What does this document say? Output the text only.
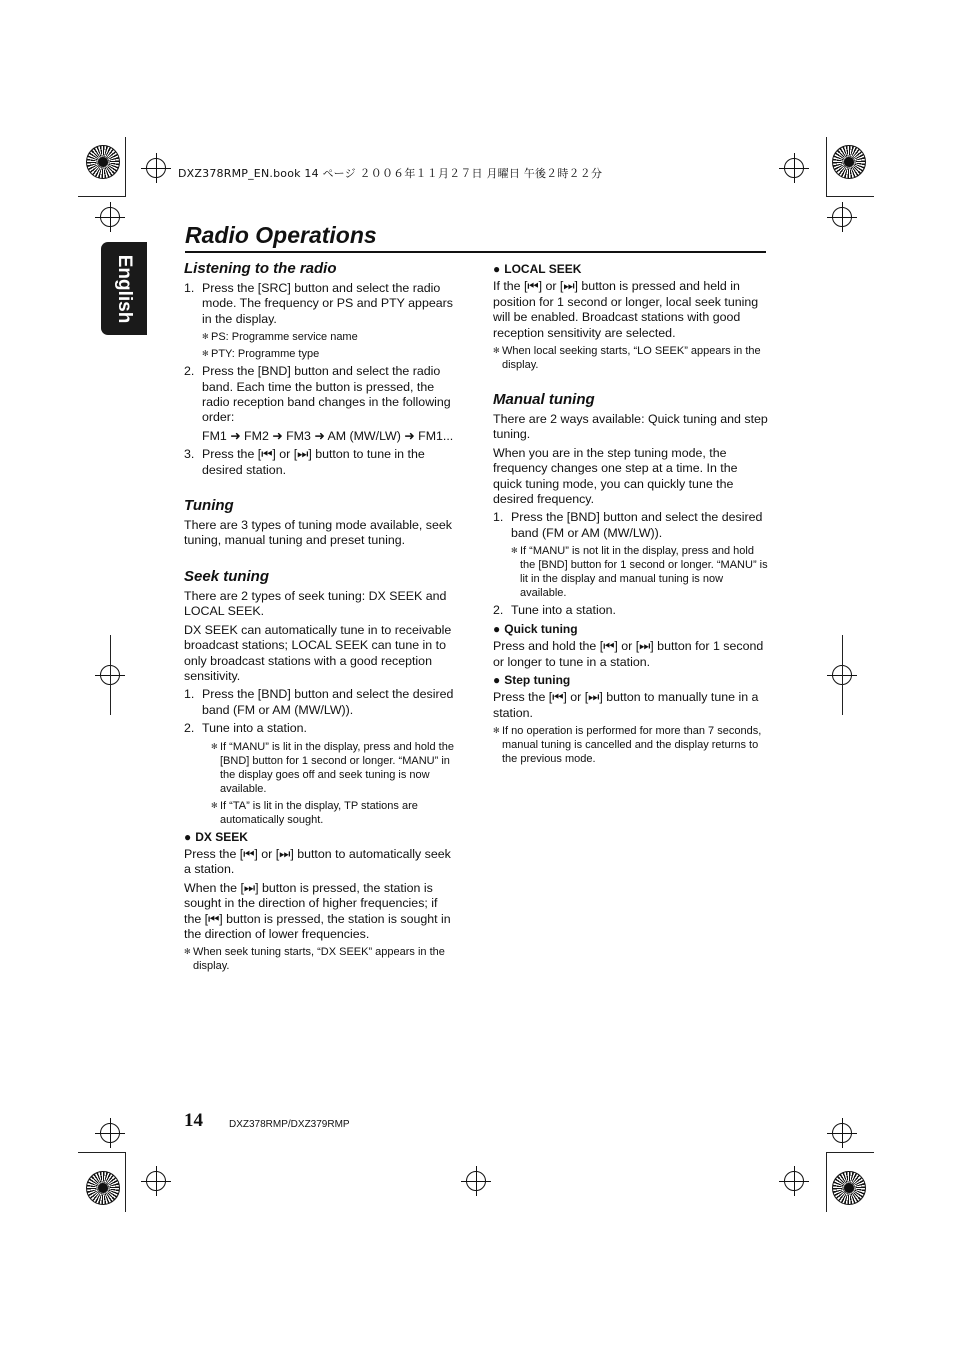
DXZ378RMP_EN.book 14 ページ ２００６年１１月２７日 月曜日 午後２時２２分
English
Radio Operations
Listening to the radio
1. Press the [SRC] button and select the radio mode. The frequency or PS and PTY appears in the display.
✻ PS: Programme service name
✻ PTY: Programme type
2. Press the [BND] button and select the radio band. Each time the button is pressed, the radio reception band changes in the following order:

FM1 ➜ FM2 ➜ FM3 ➜ AM (MW/LW) ➜ FM1...

3. Press the [⏮] or [⏭] button to tune in the desired station.
Tuning

There are 3 types of tuning mode available, seek tuning, manual tuning and preset tuning.

Seek tuning

There are 2 types of seek tuning: DX SEEK and LOCAL SEEK.

DX SEEK can automatically tune in to receivable broadcast stations; LOCAL SEEK can tune in to only broadcast stations with a good reception sensitivity.

1. Press the [BND] button and select the desired band (FM or AM (MW/LW)).
2. Tune into a station.
✻ If “MANU” is lit in the display, press and hold the [BND] button for 1 second or longer. “MANU” in the display goes off and seek tuning is now available.
✻ If “TA” is lit in the display, TP stations are automatically sought.
● DX SEEK

Press the [⏮] or [⏭] button to automatically seek a station.

When the [⏭] button is pressed, the station is sought in the direction of higher frequencies; if the [⏮] button is pressed, the station is sought in the direction of lower frequencies.

✻ When seek tuning starts, “DX SEEK” appears in the display.
● LOCAL SEEK

If the [⏮] or [⏭] button is pressed and held in position for 1 second or longer, local seek tuning will be enabled. Broadcast stations with good reception sensitivity are selected.

✻ When local seeking starts, “LO SEEK” appears in the display.
Manual tuning

There are 2 ways available: Quick tuning and step tuning.

When you are in the step tuning mode, the frequency changes one step at a time. In the quick tuning mode, you can quickly tune the desired frequency.

1. Press the [BND] button and select the desired band (FM or AM (MW/LW)).
✻ If “MANU” is not lit in the display, press and hold the [BND] button for 1 second or longer. “MANU” is lit in the display and manual tuning is now available.
2. Tune into a station.
● Quick tuning

Press and hold the [⏮] or [⏭] button for 1 second or longer to tune in a station.

● Step tuning

Press the [⏮] or [⏭] button to manually tune in a station.

✻ If no operation is performed for more than 7 seconds, manual tuning is cancelled and the display returns to the previous mode.
14	DXZ378RMP/DXZ379RMP
